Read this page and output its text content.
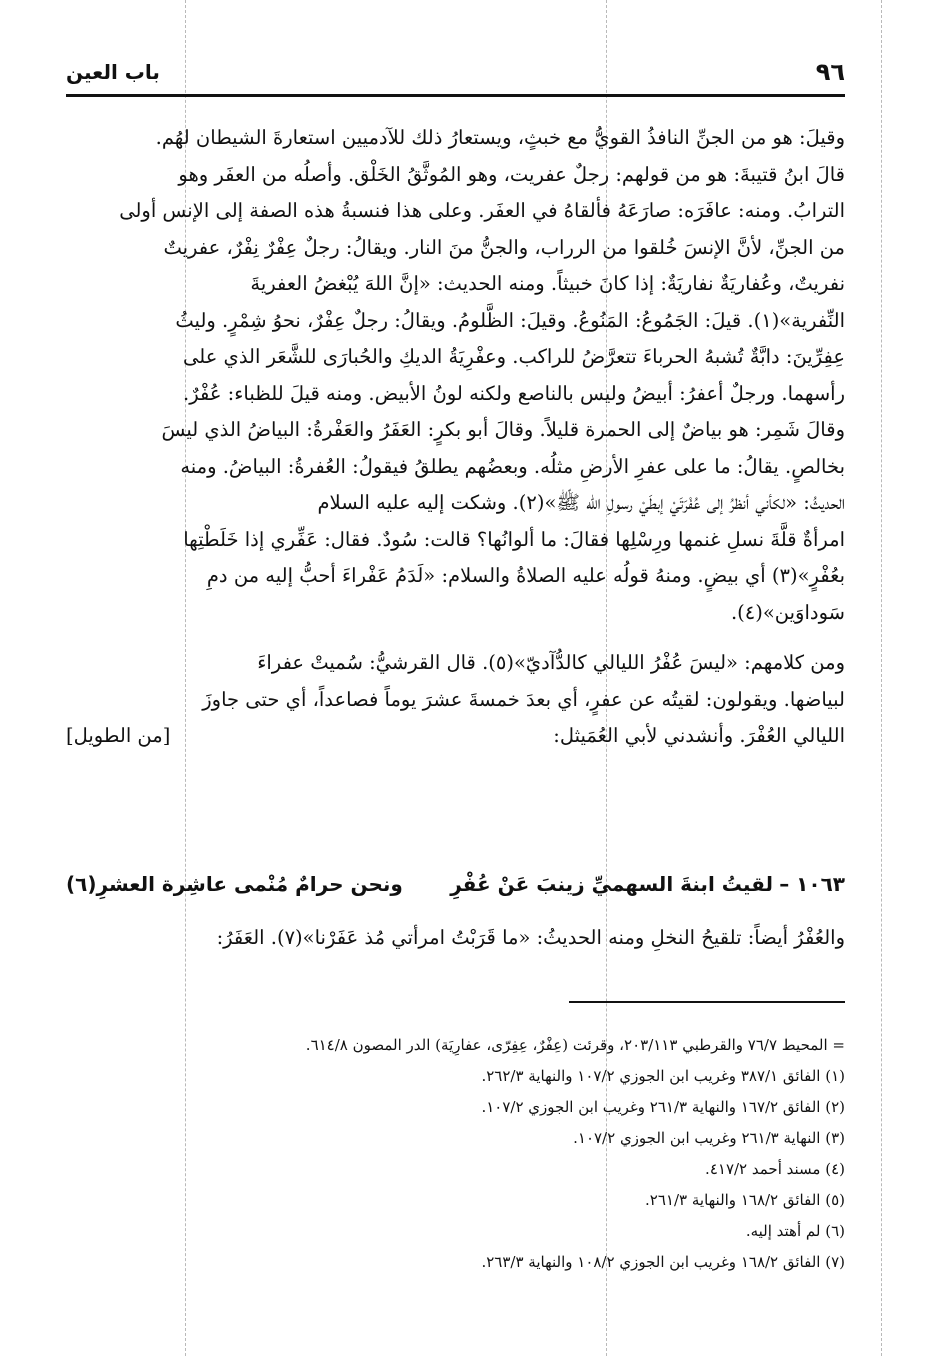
٩٦
باب العين
وقيلَ: هو من الجنِّ النافذُ القويُّ مع خبثٍ، ويستعارُ ذلك للآدميين استعارةَ الشيطان لهُم.
قالَ ابنُ قتيبةَ: هو من قولهم: رجلٌ عفريت، وهو المُوثَّقُ الخَلْق. وأصلُه من العفَر وهو
الترابُ. ومنه: عافَرَه: صارَعَهُ فألقاهُ في العفَر. وعلى هذا فنسبةُ هذه الصفة إلى الإنس أولى
من الجنِّ، لأنَّ الإنسَ خُلقوا من الرراب، والجنُّ منَ النار. ويقالُ: رجلٌ عِفْرٌ نِفْرٌ، عفريتٌ
نفريتٌ، وعُفاريَةٌ نفاريَةٌ: إذا كانَ خبيثاً. ومنه الحديث: «إنَّ اللهَ يُبْغضُ العفريةَ
النِّفرية»(١). قيلَ: الجَمُوعُ: المَنُوعُ. وقيلَ: الظَّلومُ. ويقالُ: رجلٌ عِفْرٌ، نحوُ شِمْرٍ. وليثُ
عِفِرِّينَ: دابَّةٌ تُشبهُ الحرباءَ تتعرَّضُ للراكب. وعفْرِيَةُ الديكِ والحُبارَى للشَّعَر الذي على
رأسهما. ورجلٌ أعفرُ: أبيضُ وليس بالناصع ولكنه لونُ الأبيض. ومنه قيلَ للظباء: عُفْرٌ.
وقالَ شَمِر: هو بياضٌ إلى الحمرة قليلاً. وقالَ أبو بكرٍ: العَفَرُ والعَفْرةُ: البياضُ الذي ليسَ
بخالصٍ. يقالُ: ما على عفرِ الأرضِ مثلُه. وبعضُهم يطلقُ فيقولُ: العُفرةُ: البياضُ. ومنه
الحديثُ: «لكأني أنظرُ إلى عُفْرَتَيْ إبطَيْ رسولِ الله ﷺ»(٢). وشكت إليه عليه السلام
امرأةٌ قلَّةَ نسلِ غنمها ورِسْلِها فقالَ: ما ألوانُها؟ قالت: سُودٌ. فقال: عَفِّري إذا خَلَطْتِها
بعُفْرٍ»(٣) أي بيضٍ. ومنهُ قولُه عليه الصلاةُ والسلام: «لَدَمُ عَفْراءَ أحبُّ إليه من دمِ
سَوداوَين»(٤).
ومن كلامهم: «ليسَ عُفْرُ الليالي كالدُّآديّ»(٥). قال القرشيُّ: سُميتْ عفراءَ
لبياضها. ويقولون: لقيتُه عن عفرٍ، أي بعدَ خمسةَ عشرَ يوماً فصاعداً، أي حتى جاوزَ
الليالي العُفْرَ. وأنشدني لأبي العُمَيثل:
[من الطويل]
١٠٦٣ –
لقيتُ ابنةَ السهميِّ زينبَ عَنْ عُفْرِ
ونحن حرامٌ مُنْمى عاشِرة العشرِ(٦)
والعُفْرُ أيضاً: تلقيحُ النخلِ ومنه الحديثُ: «ما قَرَبْتُ امرأتي مُذ عَفَرْنا»(٧). العَفَرُ:
= المحيط ٧٦/٧ والقرطبي ٢٠٣/١١٣، وقرئت (عِفْرٌ، عِفِرّى، عفارِيَة) الدر المصون ٦١٤/٨.
(١) الفائق ٣٨٧/١ وغريب ابن الجوزي ١٠٧/٢ والنهاية ٢٦٢/٣.
(٢) الفائق ١٦٧/٢ والنهاية ٢٦١/٣ وغريب ابن الجوزي ١٠٧/٢.
(٣) النهاية ٢٦١/٣ وغريب ابن الجوزي ١٠٧/٢.
(٤) مسند أحمد ٤١٧/٢.
(٥) الفائق ١٦٨/٢ والنهاية ٢٦١/٣.
(٦) لم أهتد إليه.
(٧) الفائق ١٦٨/٢ وغريب ابن الجوزي ١٠٨/٢ والنهاية ٢٦٣/٣.
